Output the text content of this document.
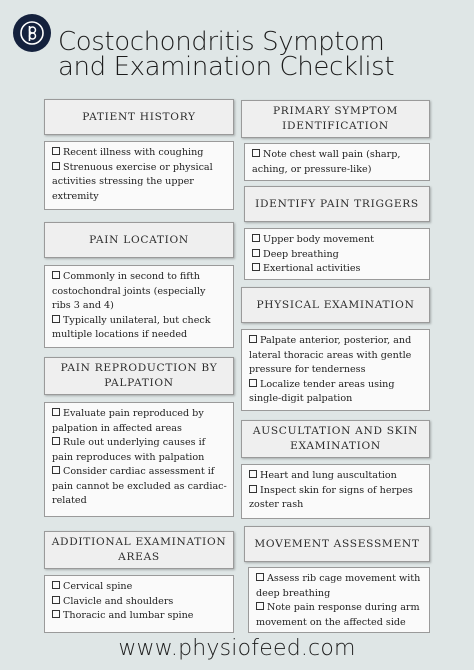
Costochondritis Symptom
and Examination Checklist
PATIENT HISTORY
Recent illness with coughing
Strenuous exercise or physical activities stressing the upper extremity
PAIN LOCATION
Commonly in second to fifth costochondral joints (especially ribs 3 and 4)
Typically unilateral, but check multiple locations if needed
PAIN REPRODUCTION BY
PALPATION
Evaluate pain reproduced by palpation in affected areas
Rule out underlying causes if pain reproduces with palpation
Consider cardiac assessment if pain cannot be excluded as cardiac-related
ADDITIONAL EXAMINATION
AREAS
Cervical spine
Clavicle and shoulders
Thoracic and lumbar spine
PRIMARY SYMPTOM
IDENTIFICATION
Note chest wall pain (sharp, aching, or pressure-like)
IDENTIFY PAIN TRIGGERS
Upper body movement
Deep breathing
Exertional activities
PHYSICAL EXAMINATION
Palpate anterior, posterior, and lateral thoracic areas with gentle pressure for tenderness
Localize tender areas using single-digit palpation
AUSCULTATION AND SKIN
EXAMINATION
Heart and lung auscultation
Inspect skin for signs of herpes zoster rash
MOVEMENT ASSESSMENT
Assess rib cage movement with deep breathing
Note pain response during arm movement on the affected side
www.physiofeed.com
